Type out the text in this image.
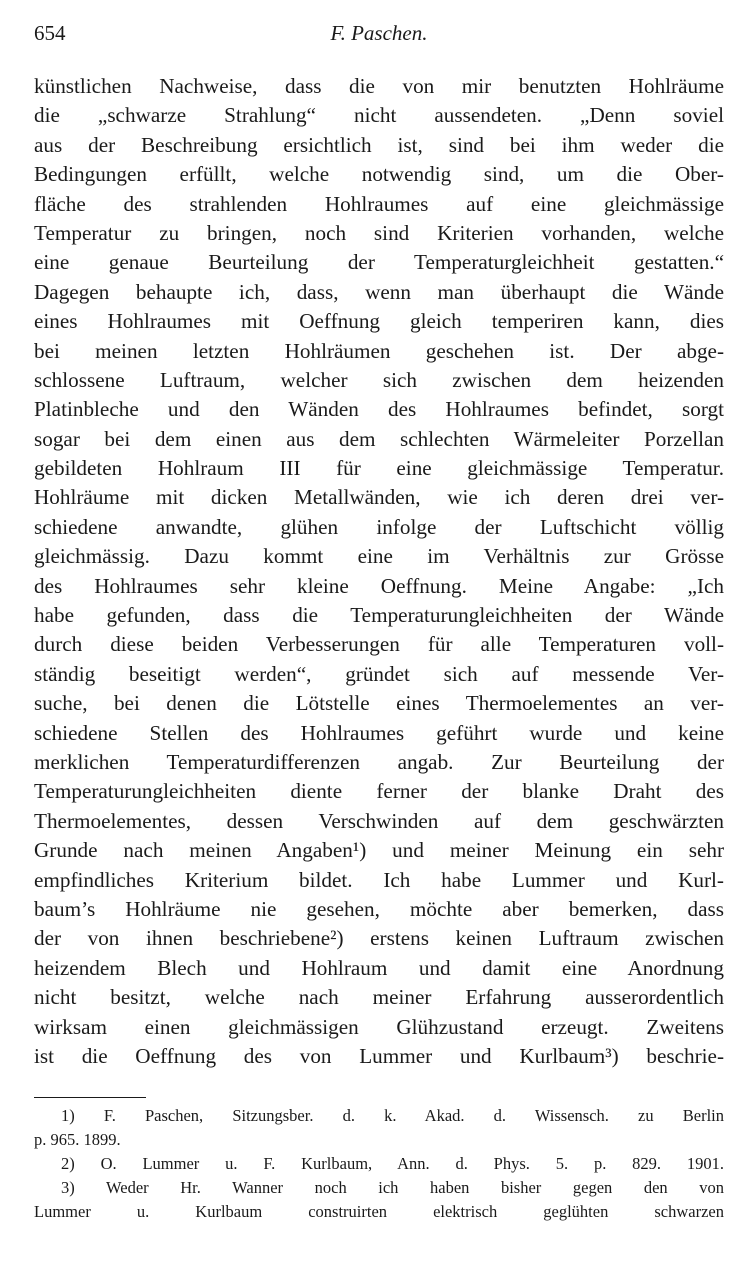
654	F. Paschen.
künstlichen Nachweise, dass die von mir benutzten Hohlräume
die „schwarze Strahlung“ nicht aussendeten. „Denn soviel
aus der Beschreibung ersichtlich ist, sind bei ihm weder die
Bedingungen erfüllt, welche notwendig sind, um die Ober-
fläche des strahlenden Hohlraumes auf eine gleichmässige
Temperatur zu bringen, noch sind Kriterien vorhanden, welche
eine genaue Beurteilung der Temperaturgleichheit gestatten.“
Dagegen behaupte ich, dass, wenn man überhaupt die Wände
eines Hohlraumes mit Oeffnung gleich temperiren kann, dies
bei meinen letzten Hohlräumen geschehen ist. Der abge-
schlossene Luftraum, welcher sich zwischen dem heizenden
Platinbleche und den Wänden des Hohlraumes befindet, sorgt
sogar bei dem einen aus dem schlechten Wärmeleiter Porzellan
gebildeten Hohlraum III für eine gleichmässige Temperatur.
Hohlräume mit dicken Metallwänden, wie ich deren drei ver-
schiedene anwandte, glühen infolge der Luftschicht völlig
gleichmässig. Dazu kommt eine im Verhältnis zur Grösse
des Hohlraumes sehr kleine Oeffnung. Meine Angabe: „Ich
habe gefunden, dass die Temperaturungleichheiten der Wände
durch diese beiden Verbesserungen für alle Temperaturen voll-
ständig beseitigt werden“, gründet sich auf messende Ver-
suche, bei denen die Lötstelle eines Thermoelementes an ver-
schiedene Stellen des Hohlraumes geführt wurde und keine
merklichen Temperaturdifferenzen angab. Zur Beurteilung der
Temperaturungleichheiten diente ferner der blanke Draht des
Thermoelementes, dessen Verschwinden auf dem geschwärzten
Grunde nach meinen Angaben¹) und meiner Meinung ein sehr
empfindliches Kriterium bildet. Ich habe Lummer und Kurl-
baum’s Hohlräume nie gesehen, möchte aber bemerken, dass
der von ihnen beschriebene²) erstens keinen Luftraum zwischen
heizendem Blech und Hohlraum und damit eine Anordnung
nicht besitzt, welche nach meiner Erfahrung ausserordentlich
wirksam einen gleichmässigen Glühzustand erzeugt. Zweitens
ist die Oeffnung des von Lummer und Kurlbaum³) beschrie-
1) F. Paschen, Sitzungsber. d. k. Akad. d. Wissensch. zu Berlin
p. 965. 1899.
2) O. Lummer u. F. Kurlbaum, Ann. d. Phys. 5. p. 829. 1901.
3) Weder Hr. Wanner noch ich haben bisher gegen den von
Lummer u. Kurlbaum construirten elektrisch geglühten schwarzen
